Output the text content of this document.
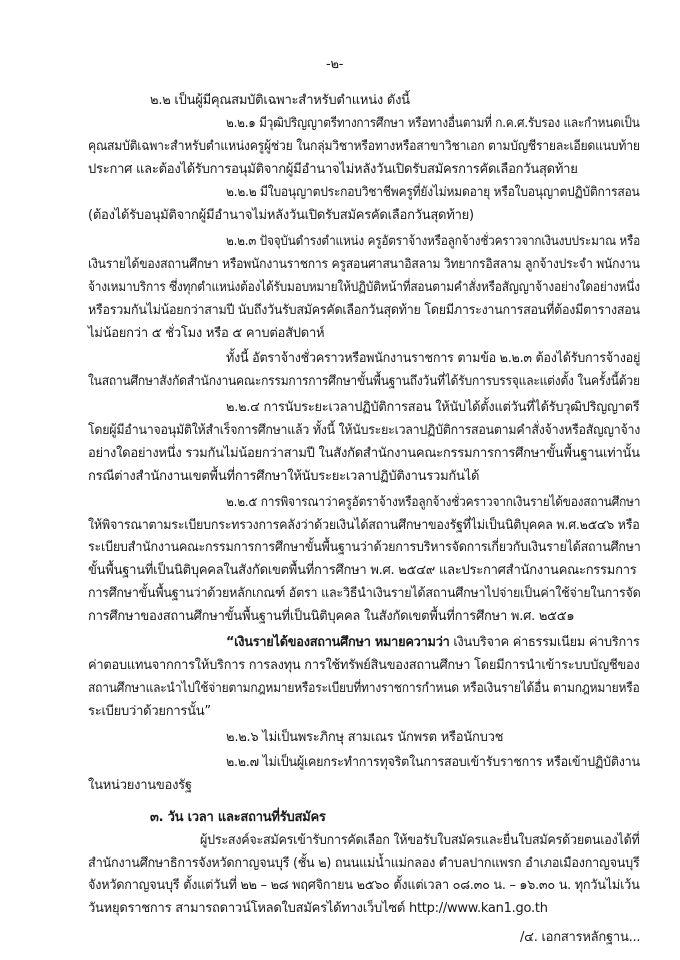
-๒-
๒.๒ เป็นผู้มีคุณสมบัติเฉพาะสำหรับตำแหน่ง ดังนี้
๒.๒.๑ มีวุฒิปริญญาตรีทางการศึกษา หรือทางอื่นตามที่ ก.ค.ศ.รับรอง และกำหนดเป็น
คุณสมบัติเฉพาะสำหรับตำแหน่งครูผู้ช่วย ในกลุ่มวิชาหรือทางหรือสาขาวิชาเอก ตามบัญชีรายละเอียดแนบท้าย
ประกาศ และต้องได้รับการอนุมัติจากผู้มีอำนาจไม่หลังวันเปิดรับสมัครการคัดเลือกวันสุดท้าย
๒.๒.๒ มีใบอนุญาตประกอบวิชาชีพครูที่ยังไม่หมดอายุ หรือใบอนุญาตปฏิบัติการสอน
(ต้องได้รับอนุมัติจากผู้มีอำนาจไม่หลังวันเปิดรับสมัครคัดเลือกวันสุดท้าย)
๒.๒.๓ ปัจจุบันดำรงตำแหน่ง ครูอัตราจ้างหรือลูกจ้างชั่วคราวจากเงินงบประมาณ หรือ
เงินรายได้ของสถานศึกษา หรือพนักงานราชการ ครูสอนศาสนาอิสลาม วิทยากรอิสลาม ลูกจ้างประจำ พนักงาน
จ้างเหมาบริการ ซึ่งทุกตำแหน่งต้องได้รับมอบหมายให้ปฏิบัติหน้าที่สอนตามคำสั่งหรือสัญญาจ้างอย่างใดอย่างหนึ่ง
หรือรวมกันไม่น้อยกว่าสามปี นับถึงวันรับสมัครคัดเลือกวันสุดท้าย โดยมีภาระงานการสอนที่ต้องมีตารางสอน
ไม่น้อยกว่า ๕ ชั่วโมง หรือ ๕ คาบต่อสัปดาห์
ทั้งนี้ อัตราจ้างชั่วคราวหรือพนักงานราชการ ตามข้อ ๒.๒.๓ ต้องได้รับการจ้างอยู่
ในสถานศึกษาสังกัดสำนักงานคณะกรรมการการศึกษาขั้นพื้นฐานถึงวันที่ได้รับการบรรจุและแต่งตั้ง ในครั้งนี้ด้วย
๒.๒.๔ การนับระยะเวลาปฏิบัติการสอน ให้นับได้ตั้งแต่วันที่ได้รับวุฒิปริญญาตรี
โดยผู้มีอำนาจอนุมัติให้สำเร็จการศึกษาแล้ว ทั้งนี้ ให้นับระยะเวลาปฏิบัติการสอนตามคำสั่งจ้างหรือสัญญาจ้าง
อย่างใดอย่างหนึ่ง รวมกันไม่น้อยกว่าสามปี ในสังกัดสำนักงานคณะกรรมการการศึกษาขั้นพื้นฐานเท่านั้น
กรณีต่างสำนักงานเขตพื้นที่การศึกษาให้นับระยะเวลาปฏิบัติงานรวมกันได้
๒.๒.๕ การพิจารณาว่าครูอัตราจ้างหรือลูกจ้างชั่วคราวจากเงินรายได้ของสถานศึกษา
ให้พิจารณาตามระเบียบกระทรวงการคลังว่าด้วยเงินได้สถานศึกษาของรัฐที่ไม่เป็นนิติบุคคล พ.ศ.๒๕๔๖ หรือ
ระเบียบสำนักงานคณะกรรมการการศึกษาขั้นพื้นฐานว่าด้วยการบริหารจัดการเกี่ยวกับเงินรายได้สถานศึกษา
ขั้นพื้นฐานที่เป็นนิติบุคคลในสังกัดเขตพื้นที่การศึกษา พ.ศ. ๒๕๔๙ และประกาศสำนักงานคณะกรรมการ
การศึกษาขั้นพื้นฐานว่าด้วยหลักเกณฑ์ อัตรา และวิธีนำเงินรายได้สถานศึกษาไปจ่ายเป็นค่าใช้จ่ายในการจัด
การศึกษาของสถานศึกษาขั้นพื้นฐานที่เป็นนิติบุคคล ในสังกัดเขตพื้นที่การศึกษา พ.ศ. ๒๕๕๑
“เงินรายได้ของสถานศึกษา หมายความว่า เงินบริจาค ค่าธรรมเนียม ค่าบริการ
ค่าตอบแทนจากการให้บริการ การลงทุน การใช้ทรัพย์สินของสถานศึกษา โดยมีการนำเข้าระบบบัญชีของ
สถานศึกษาและนำไปใช้จ่ายตามกฎหมายหรือระเบียบที่ทางราชการกำหนด หรือเงินรายได้อื่น ตามกฎหมายหรือ
ระเบียบว่าด้วยการนั้น”
๒.๒.๖ ไม่เป็นพระภิกษุ สามเณร นักพรต หรือนักบวช
๒.๒.๗ ไม่เป็นผู้เคยกระทำการทุจริตในการสอบเข้ารับราชการ หรือเข้าปฏิบัติงาน
ในหน่วยงานของรัฐ
๓. วัน เวลา และสถานที่รับสมัคร
ผู้ประสงค์จะสมัครเข้ารับการคัดเลือก ให้ขอรับใบสมัครและยื่นใบสมัครด้วยตนเองได้ที่
สำนักงานศึกษาธิการจังหวัดกาญจนบุรี (ชั้น ๒) ถนนแม่น้ำแม่กลอง ตำบลปากแพรก อำเภอเมืองกาญจนบุรี
จังหวัดกาญจนบุรี ตั้งแต่วันที่ ๒๒ – ๒๘ พฤศจิกายน ๒๕๖๐ ตั้งแต่เวลา ๐๘.๓๐ น. – ๑๖.๓๐ น. ทุกวันไม่เว้น
วันหยุดราชการ สามารถดาวน์โหลดใบสมัครได้ทางเว็บไซต์ http://www.kan1.go.th
/๔. เอกสารหลักฐาน...
